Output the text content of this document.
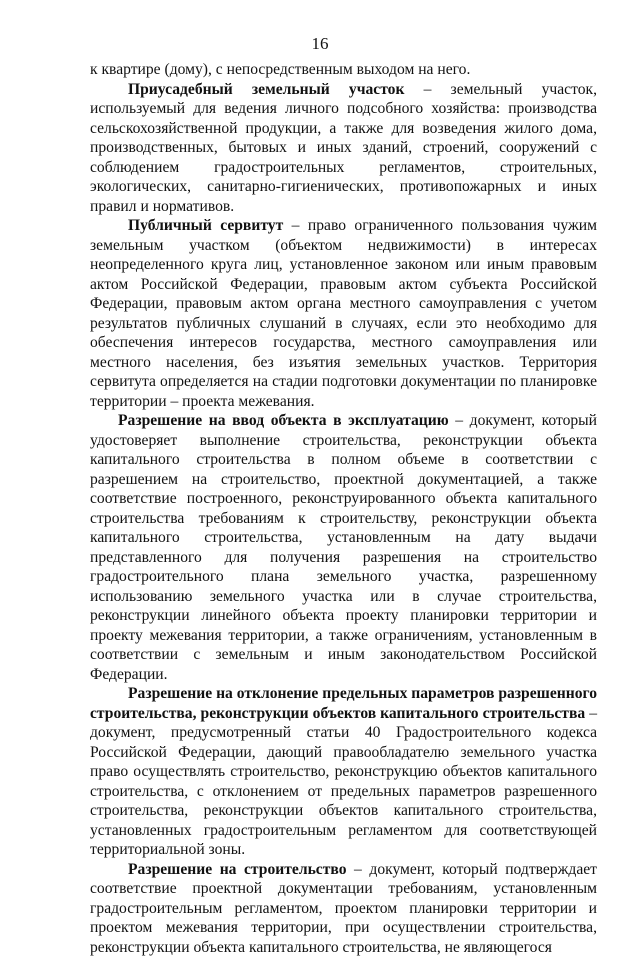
16

к квартире (дому), с непосредственным выходом на него.

Приусадебный земельный участок – земельный участок, используемый для ведения личного подсобного хозяйства: производства сельскохозяйственной продукции, а также для возведения жилого дома, производственных, бытовых и иных зданий, строений, сооружений с соблюдением градостроительных регламентов, строительных, экологических, санитарно-гигиенических, противопожарных и иных правил и нормативов.

Публичный сервитут – право ограниченного пользования чужим земельным участком (объектом недвижимости) в интересах неопределенного круга лиц, установленное законом или иным правовым актом Российской Федерации, правовым актом субъекта Российской Федерации, правовым актом органа местного самоуправления с учетом результатов публичных слушаний в случаях, если это необходимо для обеспечения интересов государства, местного самоуправления или местного населения, без изъятия земельных участков. Территория сервитута определяется на стадии подготовки документации по планировке территории – проекта межевания.

Разрешение на ввод объекта в эксплуатацию – документ, который удостоверяет выполнение строительства, реконструкции объекта капитального строительства в полном объеме в соответствии с разрешением на строительство, проектной документацией, а также соответствие построенного, реконструированного объекта капитального строительства требованиям к строительству, реконструкции объекта капитального строительства, установленным на дату выдачи представленного для получения разрешения на строительство градостроительного плана земельного участка, разрешенному использованию земельного участка или в случае строительства, реконструкции линейного объекта проекту планировки территории и проекту межевания территории, а также ограничениям, установленным в соответствии с земельным и иным законодательством Российской Федерации.

Разрешение на отклонение предельных параметров разрешенного строительства, реконструкции объектов капитального строительства – документ, предусмотренный статьи 40 Градостроительного кодекса Российской Федерации, дающий правообладателю земельного участка право осуществлять строительство, реконструкцию объектов капитального строительства, с отклонением от предельных параметров разрешенного строительства, реконструкции объектов капитального строительства, установленных градостроительным регламентом для соответствующей территориальной зоны.

Разрешение на строительство – документ, который подтверждает соответствие проектной документации требованиям, установленным градостроительным регламентом, проектом планировки территории и проектом межевания территории, при осуществлении строительства, реконструкции объекта капитального строительства, не являющегося
